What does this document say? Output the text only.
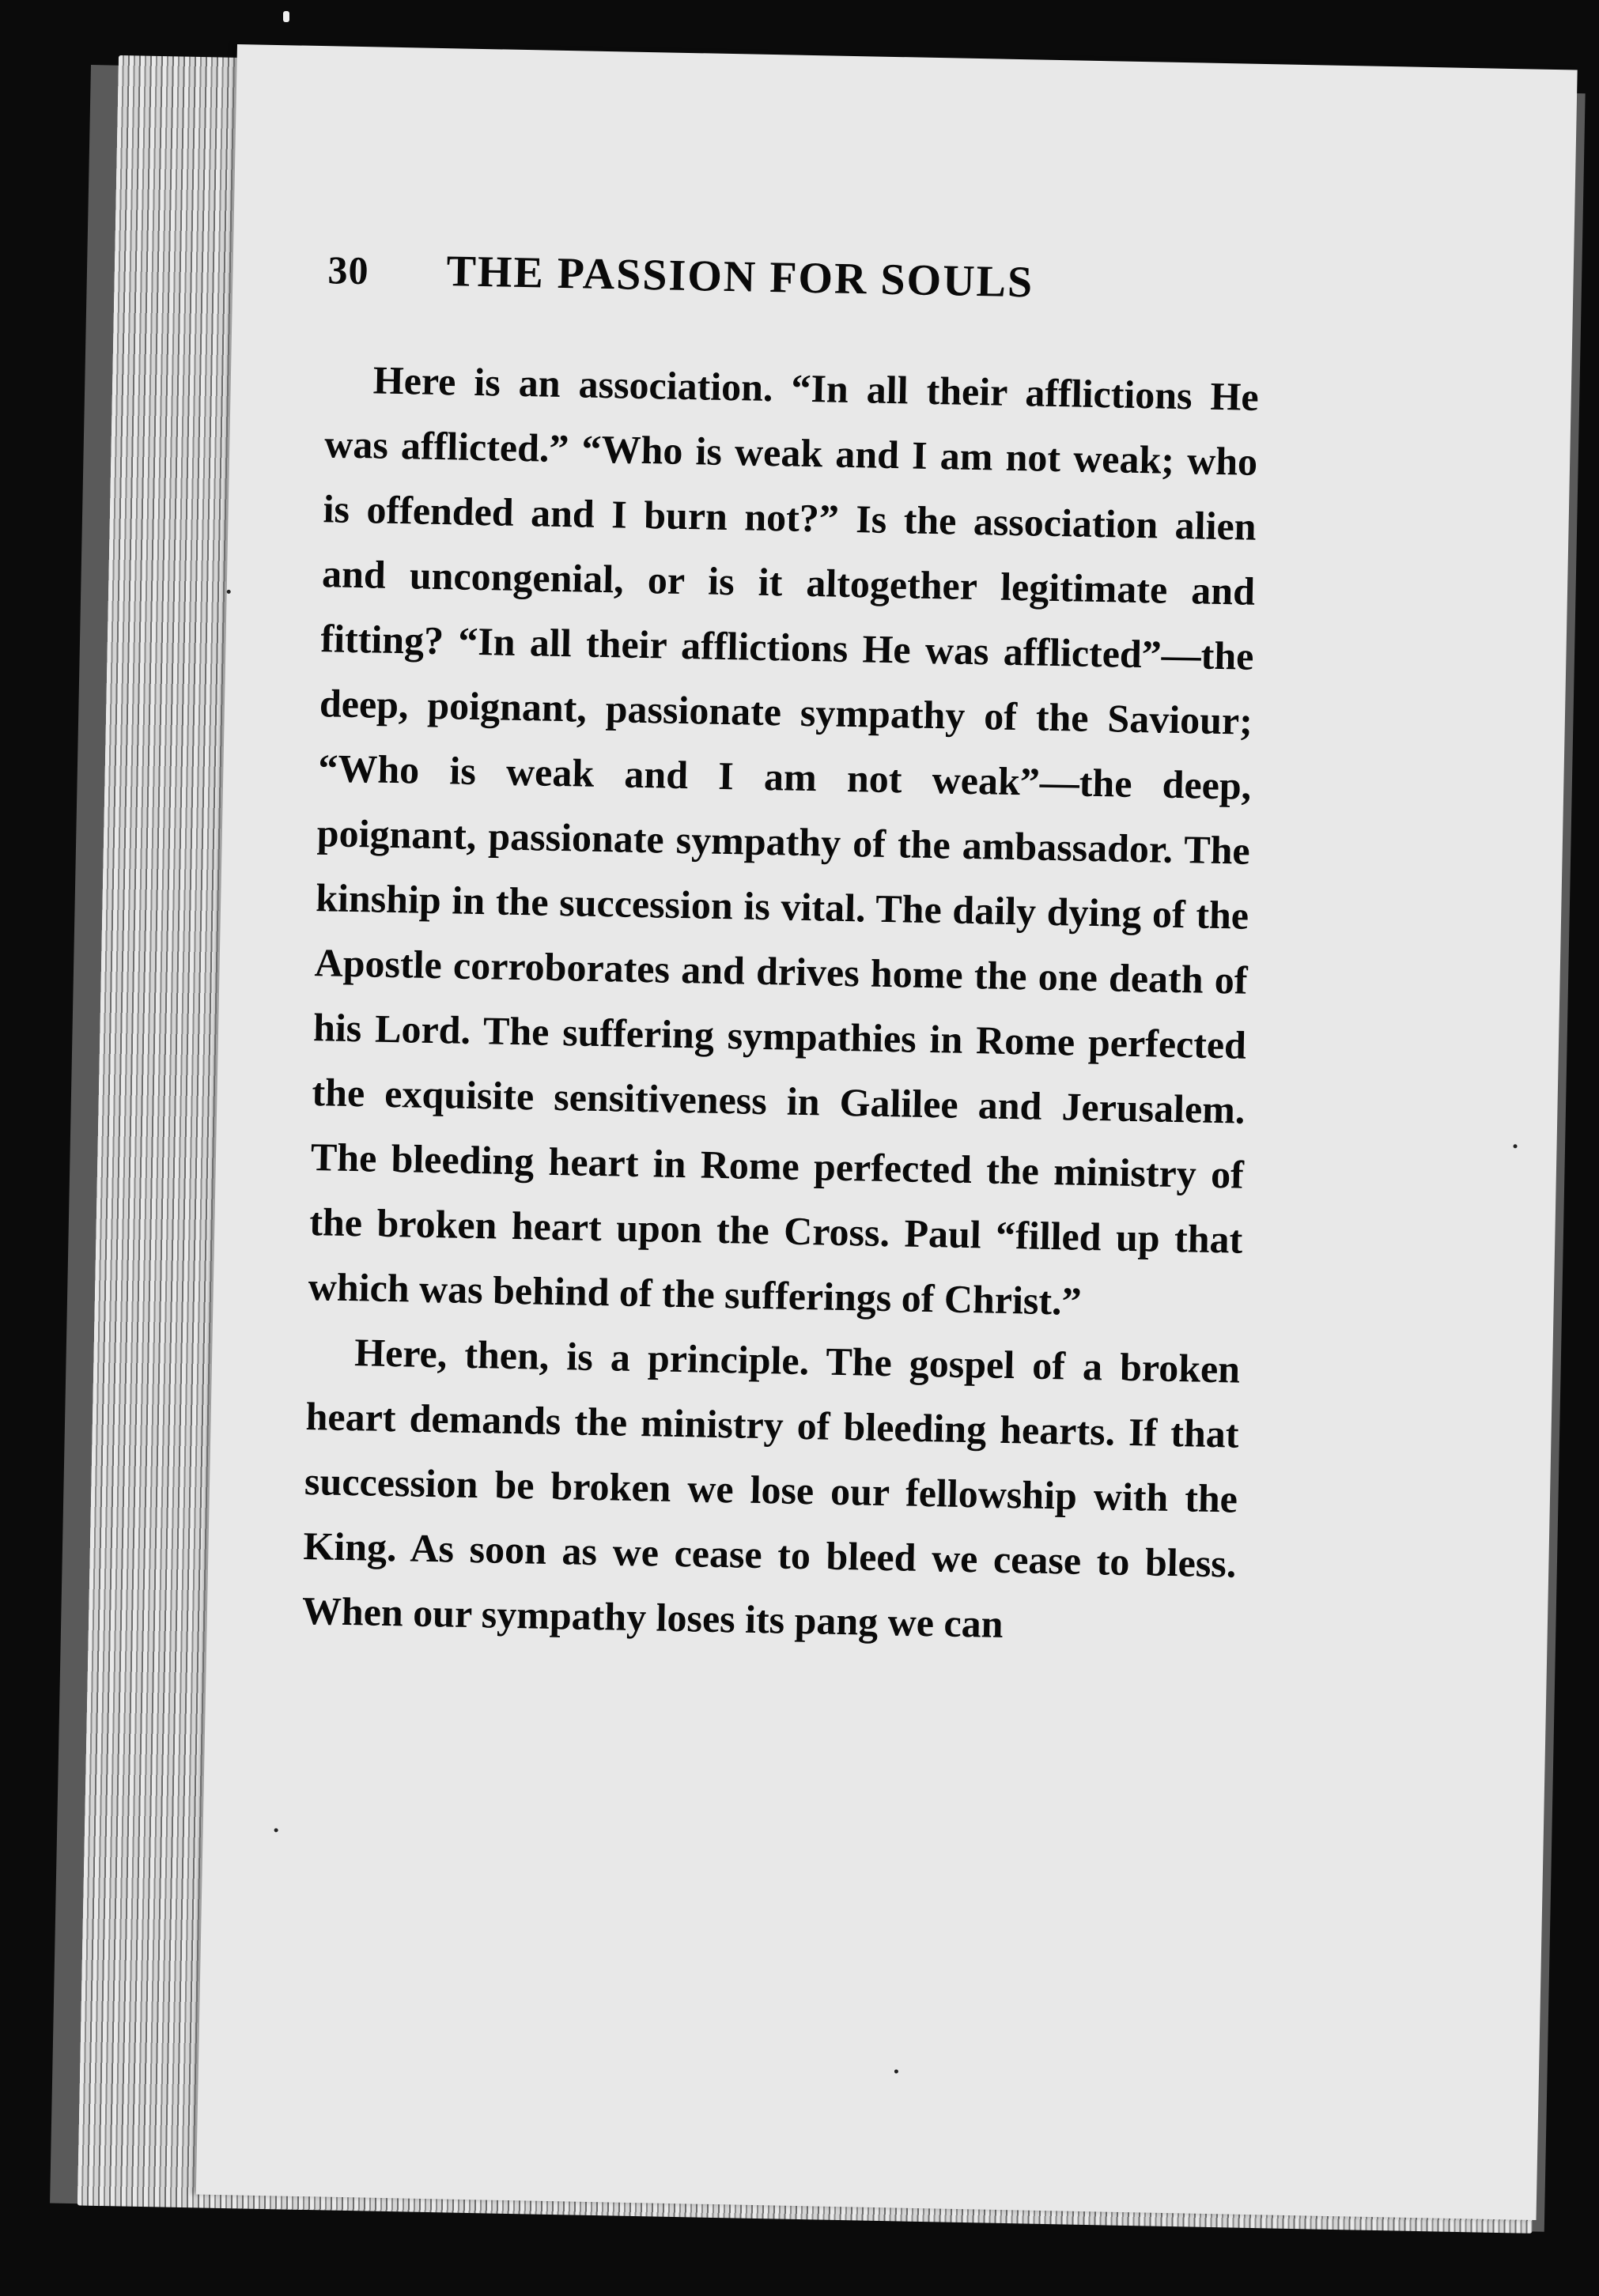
30	THE PASSION FOR SOULS

Here is an association. “In all their afflictions He was afflicted.” “Who is weak and I am not weak; who is offended and I burn not?” Is the association alien and uncongenial, or is it altogether legitimate and fitting? “In all their afflictions He was afflicted”—the deep, poignant, passionate sympathy of the Saviour; “Who is weak and I am not weak”—the deep, poignant, passionate sympathy of the ambassador. The kinship in the succession is vital. The daily dying of the Apostle corroborates and drives home the one death of his Lord. The suffering sympathies in Rome perfected the exquisite sensitiveness in Galilee and Jerusalem. The bleeding heart in Rome perfected the ministry of the broken heart upon the Cross. Paul “filled up that which was behind of the sufferings of Christ.”

Here, then, is a principle. The gospel of a broken heart demands the ministry of bleeding hearts. If that succession be broken we lose our fellowship with the King. As soon as we cease to bleed we cease to bless. When our sympathy loses its pang we can
